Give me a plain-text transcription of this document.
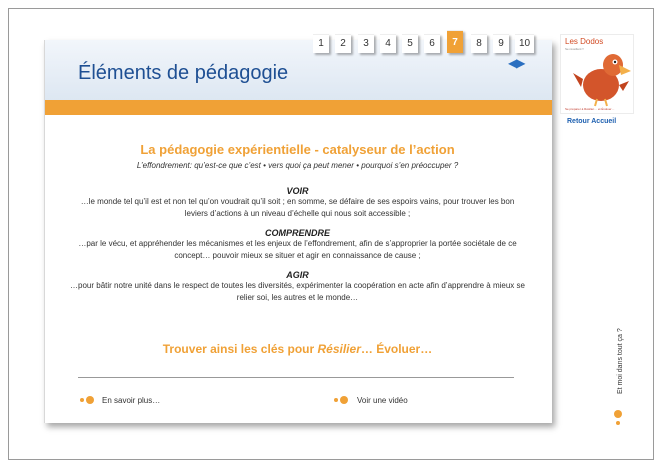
Éléments de pédagogie
1	2	3	4	5	6	7	8	9	10
◀▶
Les Dodos
Se réveillent !!
Se préparer à Résilier… et Évoluer…
Retour Accueil
La pédagogie expérientielle - catalyseur de l’action
L’effondrement: qu’est-ce que c’est • vers quoi ça peut mener • pourquoi s’en préoccuper ?
VOIR
…le monde tel qu’il est et non tel qu’on voudrait qu’il soit ; en somme, se défaire de ses espoirs vains, pour trouver les bon leviers d’actions à un niveau d’échelle qui nous soit accessible ;
COMPRENDRE
…par le vécu, et appréhender les mécanismes et les enjeux de l’effondrement, afin de s’approprier la portée sociétale de ce concept… pouvoir mieux se situer et agir en connaissance de cause ;
AGIR
…pour bâtir notre unité dans le respect de toutes les diversités, expérimenter la coopération en acte afin d’apprendre à mieux se relier soi, les autres et le monde…
Trouver ainsi les clés pour Résilier… Évoluer…
En savoir plus…	Voir une vidéo
Et moi dans tout ça ?
